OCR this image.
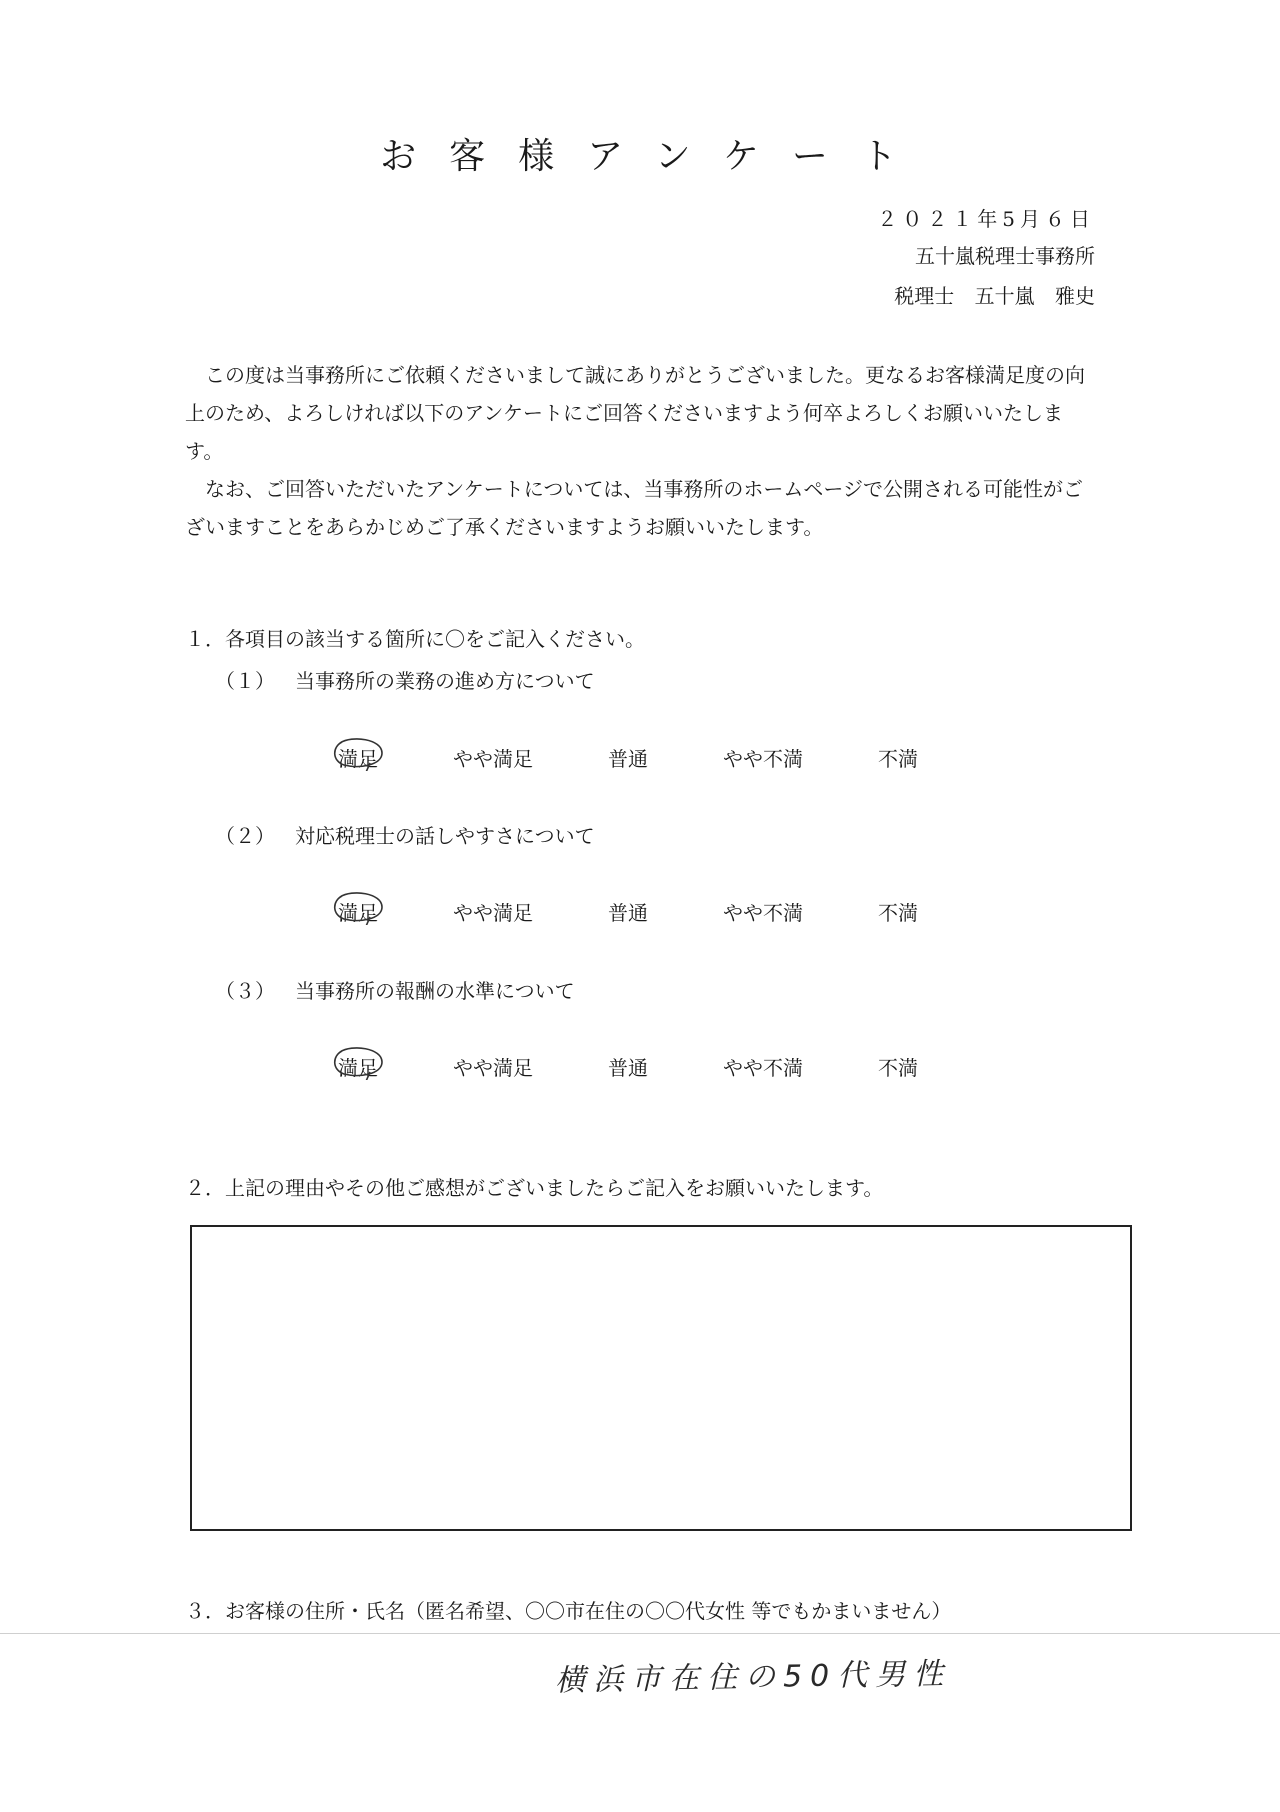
お客様アンケート
２０２１年5月６日
五十嵐税理士事務所
税理士 五十嵐 雅史

この度は当事務所にご依頼くださいまして誠にありがとうございました。更なるお客様満足度の向上のため、よろしければ以下のアンケートにご回答くださいますよう何卒よろしくお願いいたします。

なお、ご回答いただいたアンケートについては、当事務所のホームページで公開される可能性がございますことをあらかじめご了承くださいますようお願いいたします。

１．各項目の該当する箇所に〇をご記入ください。
（１） 当事務所の業務の進め方について
満足	やや満足	普通	やや不満	不満
（２） 対応税理士の話しやすさについて
満足	やや満足	普通	やや不満	不満
（３） 当事務所の報酬の水準について
満足	やや満足	普通	やや不満	不満
２．上記の理由やその他ご感想がございましたらご記入をお願いいたします。
３．お客様の住所・氏名（匿名希望、〇〇市在住の〇〇代女性 等でもかまいません）
横浜市在住の50代男性
